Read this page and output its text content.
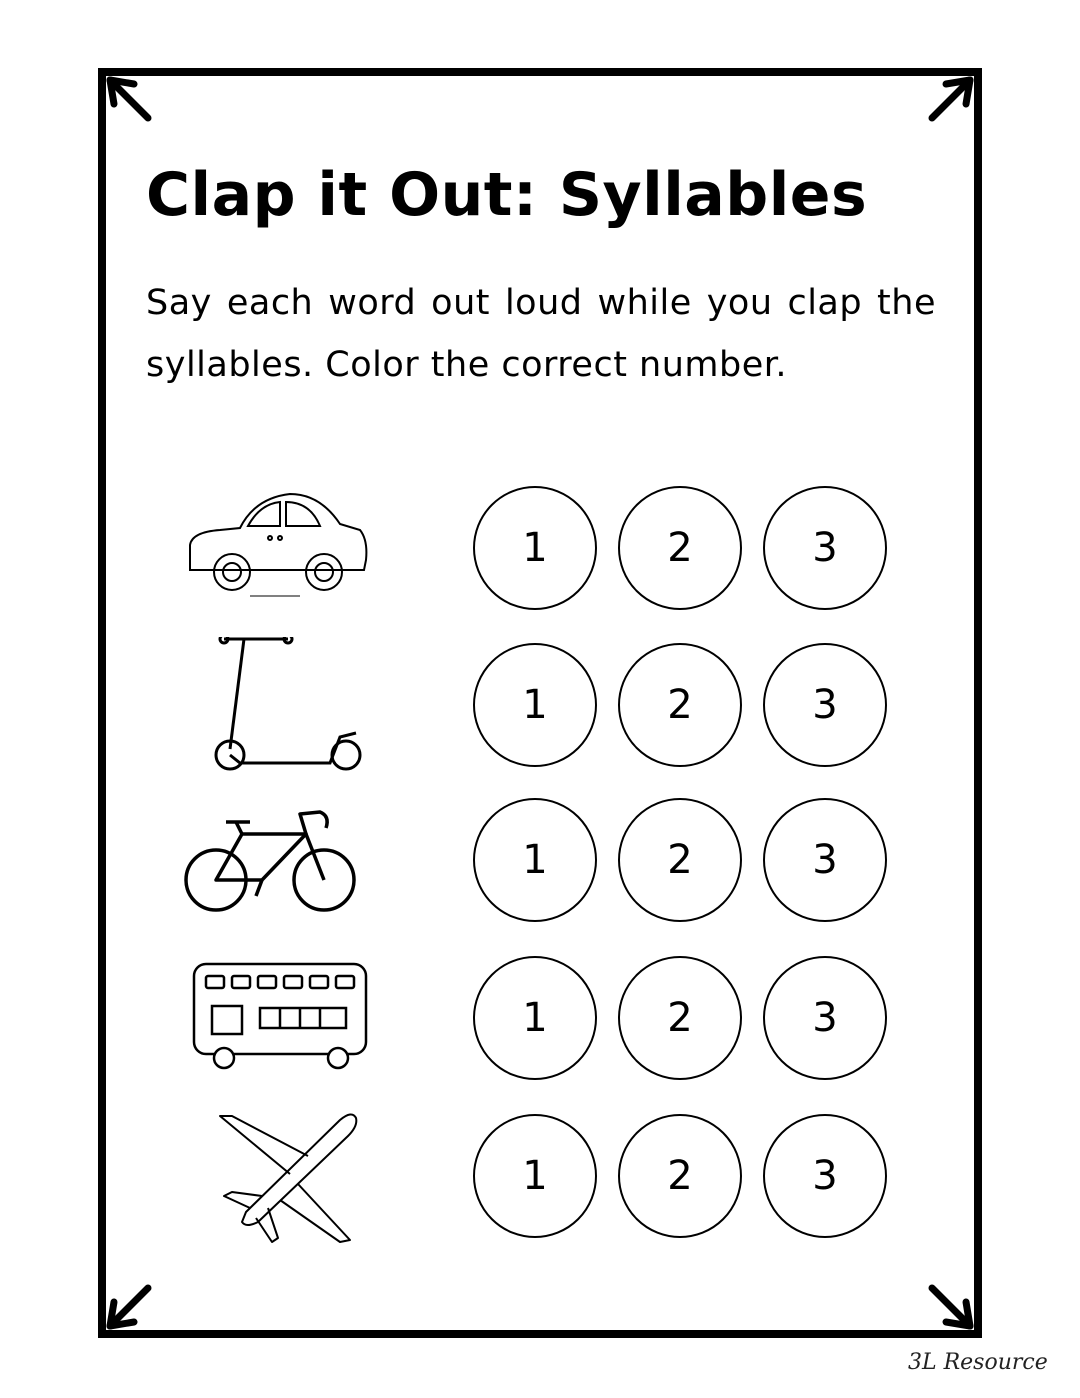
Clap it Out: Syllables

Say each word out loud while you clap the syllables. Color the correct number.

1	2	3
1	2	3
1	2	3
1	2	3
1	2	3
3L Resource
